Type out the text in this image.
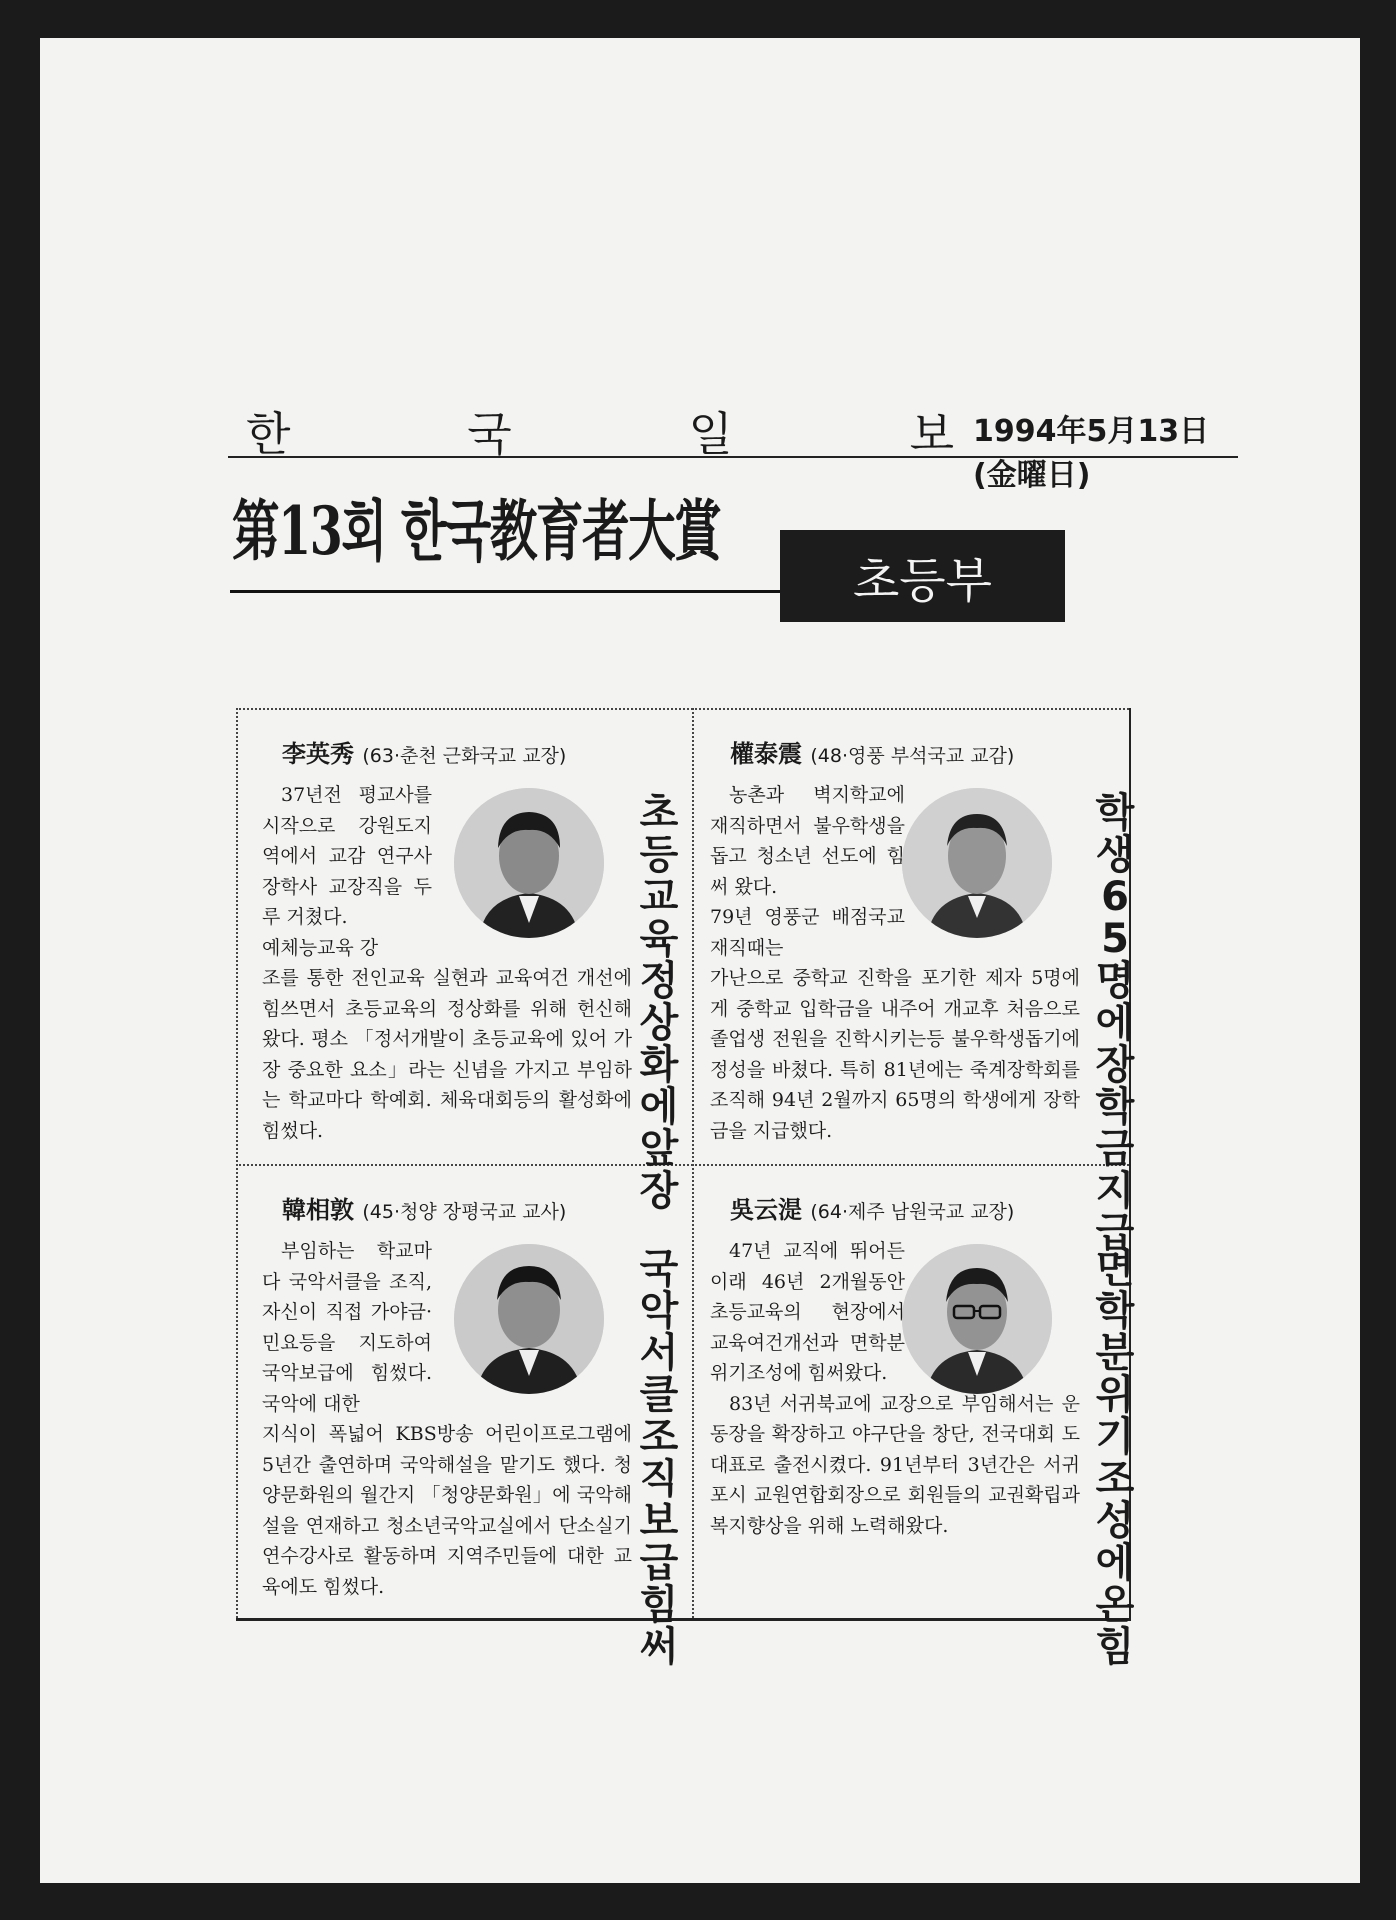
한	국	일	보 1994年5月13日 (金曜日)
第13회 한국教育者大賞
초등부
李英秀 (63·춘천 근화국교 교장)
37년전 평교사를 시작으로 강원도지역에서 교감 연구사 장학사 교장직을 두루 거쳤다.
예체능교육 강
조를 통한 전인교육 실현과 교육여건 개선에 힘쓰면서 초등교육의 정상화를 위해 헌신해 왔다. 평소 「정서개발이 초등교육에 있어 가장 중요한 요소」라는 신념을 가지고 부임하는 학교마다 학예회. 체육대회등의 활성화에 힘썼다.
초등교육 정상화에 앞장
權泰震 (48·영풍 부석국교 교감)
농촌과 벽지학교에 재직하면서 불우학생을 돕고 청소년 선도에 힘써 왔다.
79년 영풍군 배점국교 재직때는
가난으로 중학교 진학을 포기한 제자 5명에게 중학교 입학금을 내주어 개교후 처음으로 졸업생 전원을 진학시키는등 불우학생돕기에 정성을 바쳤다. 특히 81년에는 죽계장학회를 조직해 94년 2월까지 65명의 학생에게 장학금을 지급했다.
학생65명에 장학금 지급
韓相敦 (45·청양 장평국교 교사)
부임하는 학교마다 국악서클을 조직, 자신이 직접 가야금·민요등을 지도하여 국악보급에 힘썼다. 국악에 대한
지식이 폭넓어 KBS방송 어린이프로그램에 5년간 출연하며 국악해설을 맡기도 했다. 청양문화원의 월간지 「청양문화원」에 국악해설을 연재하고 청소년국악교실에서 단소실기 연수강사로 활동하며 지역주민들에 대한 교육에도 힘썼다.
국악서클조직 보급 힘써
吳云湜 (64·제주 남원국교 교장)
47년 교직에 뛰어든 이래 46년 2개월동안 초등교육의 현장에서 교육여건개선과 면학분위기조성에 힘써왔다.
83년 서귀북교에 교장으로 부임해서는 운동장을 확장하고 야구단을 창단, 전국대회 도대표로 출전시켰다. 91년부터 3년간은 서귀포시 교원연합회장으로 회원들의 교권확립과 복지향상을 위해 노력해왔다.
면학분위기 조성에 온힘
